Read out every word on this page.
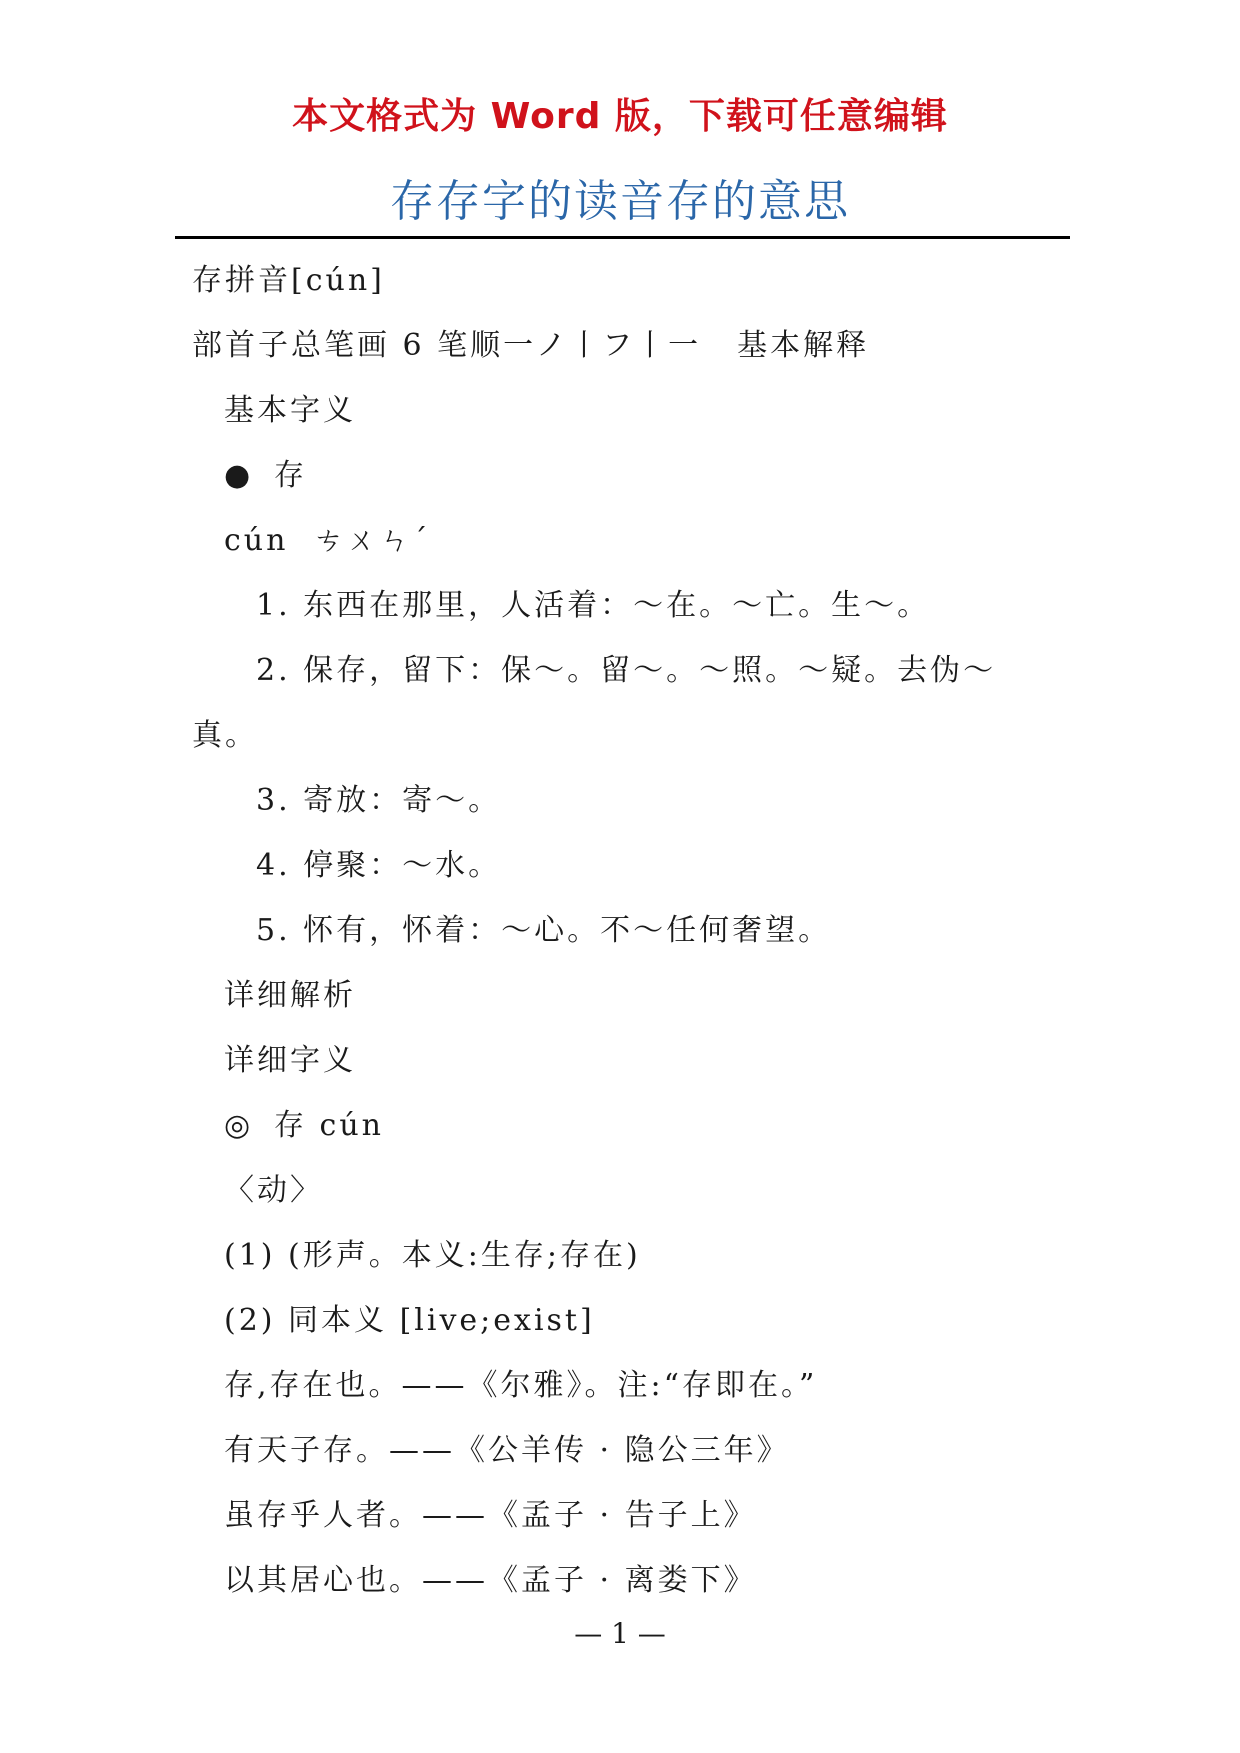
本文格式为 Word 版，下载可任意编辑
存存字的读音存的意思
存拼音[cún]
部首子总笔画 6 笔顺一ノ丨フ丨一 基本解释
基本字义
● 存
cún ㄘㄨㄣˊ
1. 东西在那里，人活着：～在。～亡。生～。
2. 保存，留下：保～。留～。～照。～疑。去伪～
真。
3. 寄放：寄～。
4. 停聚：～水。
5. 怀有，怀着：～心。不～任何奢望。
详细解析
详细字义
◎ 存 cún
〈动〉
(1) (形声。本义:生存;存在)
(2) 同本义 [live;exist]
存,存在也。——《尔雅》。注:“存即在。”
有天子存。——《公羊传 · 隐公三年》
虽存乎人者。——《孟子 · 告子上》
以其居心也。——《孟子 · 离娄下》
— 1 —
